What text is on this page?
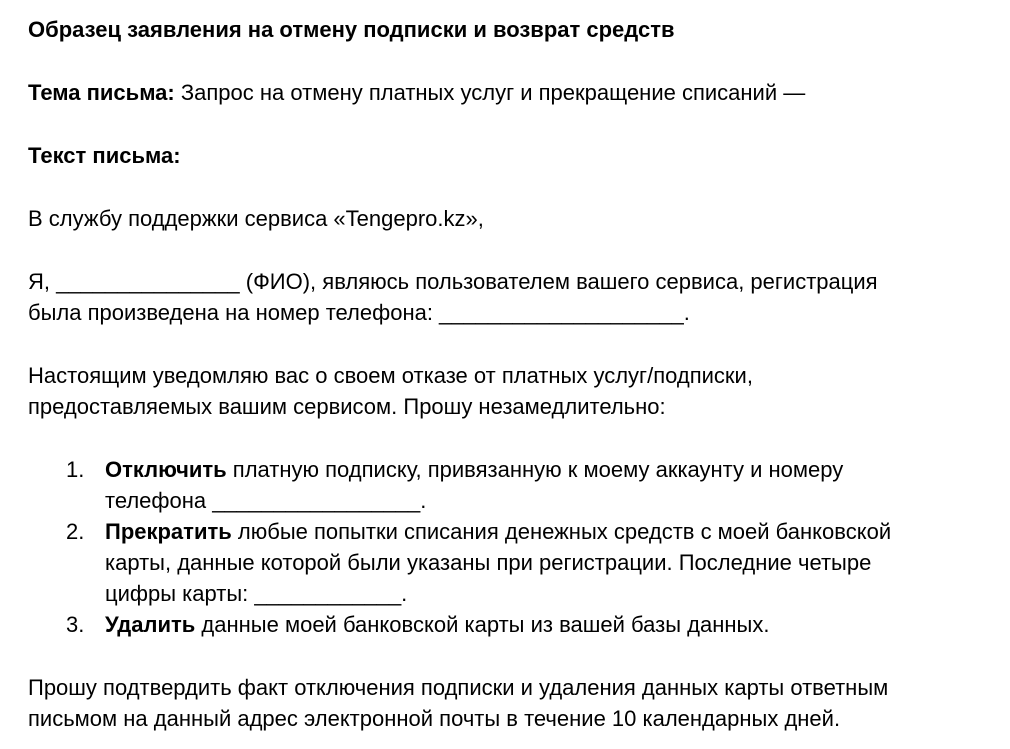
Образец заявления на отмену подписки и возврат средств

Тема письма: Запрос на отмену платных услуг и прекращение списаний —

Текст письма:

В службу поддержки сервиса «Tengepro.kz»,

Я, _______________ (ФИО), являюсь пользователем вашего сервиса, регистрация
была произведена на номер телефона: ____________________.
Настоящим уведомляю вас о своем отказе от платных услуг/подписки,
предоставляемых вашим сервисом. Прошу незамедлительно:
1. Отключить платную подписку, привязанную к моему аккаунту и номеру
телефона _________________.
2. Прекратить любые попытки списания денежных средств с моей банковской
карты, данные которой были указаны при регистрации. Последние четыре
цифры карты: ____________.
3. Удалить данные моей банковской карты из вашей базы данных.
Прошу подтвердить факт отключения подписки и удаления данных карты ответным
письмом на данный адрес электронной почты в течение 10 календарных дней.
